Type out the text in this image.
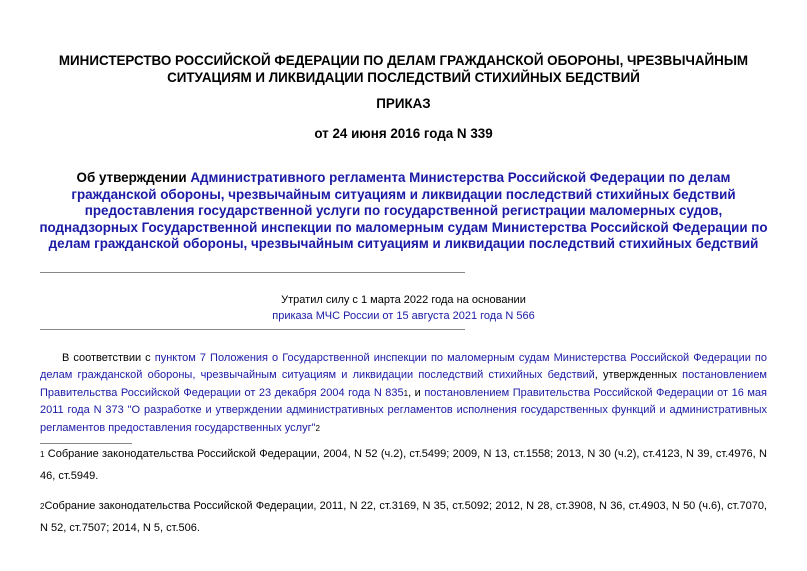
МИНИСТЕРСТВО РОССИЙСКОЙ ФЕДЕРАЦИИ ПО ДЕЛАМ ГРАЖДАНСКОЙ ОБОРОНЫ, ЧРЕЗВЫЧАЙНЫМ СИТУАЦИЯМ И ЛИКВИДАЦИИ ПОСЛЕДСТВИЙ СТИХИЙНЫХ БЕДСТВИЙ
ПРИКАЗ
от 24 июня 2016 года N 339
Об утверждении Административного регламента Министерства Российской Федерации по делам гражданской обороны, чрезвычайным ситуациям и ликвидации последствий стихийных бедствий предоставления государственной услуги по государственной регистрации маломерных судов, поднадзорных Государственной инспекции по маломерным судам Министерства Российской Федерации по делам гражданской обороны, чрезвычайным ситуациям и ликвидации последствий стихийных бедствий
Утратил силу с 1 марта 2022 года на основании
приказа МЧС России от 15 августа 2021 года N 566
В соответствии с пунктом 7 Положения о Государственной инспекции по маломерным судам Министерства Российской Федерации по делам гражданской обороны, чрезвычайным ситуациям и ликвидации последствий стихийных бедствий, утвержденных постановлением Правительства Российской Федерации от 23 декабря 2004 года N 8351, и постановлением Правительства Российской Федерации от 16 мая 2011 года N 373 "О разработке и утверждении административных регламентов исполнения государственных функций и административных регламентов предоставления государственных услуг"2
1 Собрание законодательства Российской Федерации, 2004, N 52 (ч.2), ст.5499; 2009, N 13, ст.1558; 2013, N 30 (ч.2), ст.4123, N 39, ст.4976, N 46, ст.5949.
2Собрание законодательства Российской Федерации, 2011, N 22, ст.3169, N 35, ст.5092; 2012, N 28, ст.3908, N 36, ст.4903, N 50 (ч.6), ст.7070, N 52, ст.7507; 2014, N 5, ст.506.
